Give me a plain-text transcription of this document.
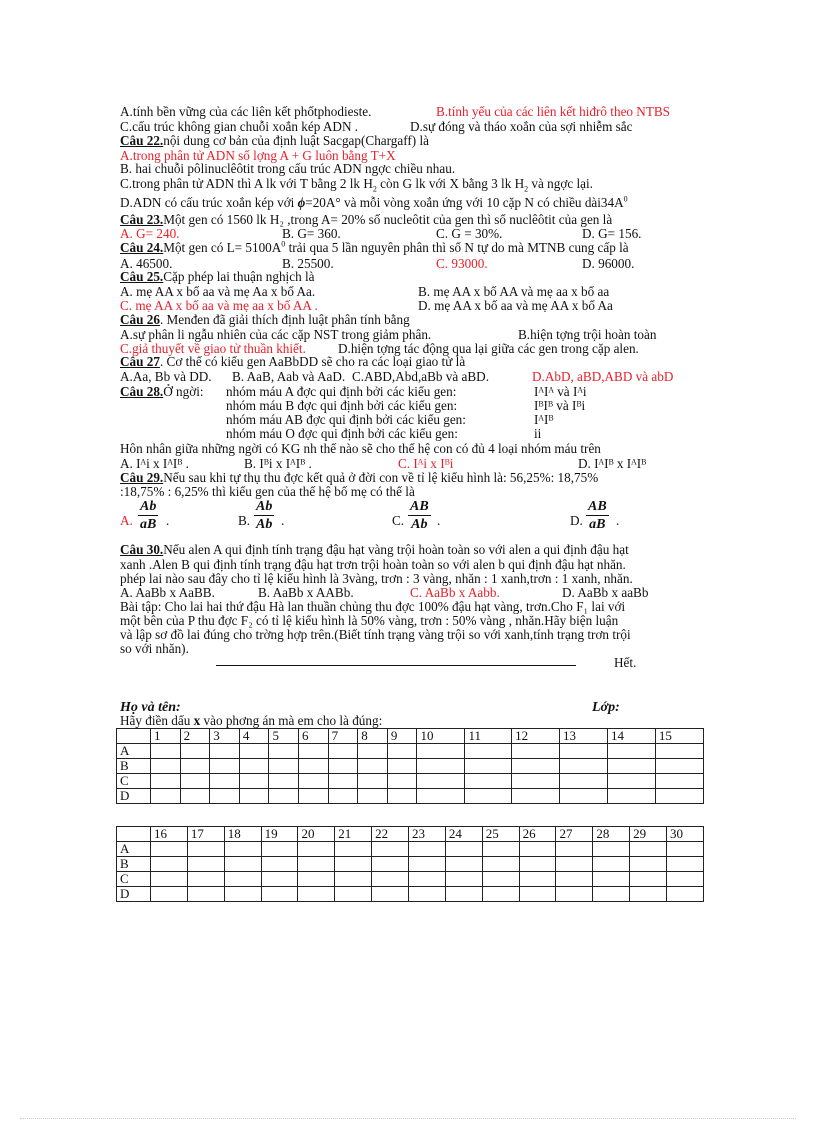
A.tính bền vững của các liên kết phốtphodieste.	B.tính yếu của các liên kết hiđrô theo NTBS
C.cấu trúc không gian chuỗi xoắn kép ADN .	D.sự đóng và tháo xoắn của sợi nhiễm sắc
Câu 22.nội dung cơ bản của định luật Sacgap(Chargaff) là
A.trong phân tử ADN số lợng A + G luôn bằng T+X
B. hai chuỗi pôlinuclêôtit trong cấu trúc ADN ngợc chiều nhau.
C.trong phân tử ADN thì A lk với T bằng 2 lk $H_2$ còn G lk với X bằng 3 lk $H_2$ và ngợc lại.
D.ADN có cấu trúc xoắn kép với ϕ=20A° và mỗi vòng xoắn ứng với 10 cặp N có chiều $dài34A^0$
Câu 23.Một gen có 1560 lk H₂ ,trong A= 20% số nucleôtit của gen thì số nuclêôtit của gen là
A. G= 240.	B. G= 360.	C. G = 30%.	D. G= 156.
Câu 24.Một gen có $L= 5100A^0$ trải qua 5 lần nguyên phân thì số N tự do mà MTNB cung cấp là
A. 46500.	B. 25500.	C. 93000.	D. 96000.
Câu 25.Cặp phép lai thuận nghịch là
A. mẹ AA x bố aa và mẹ Aa x bố Aa.	B. mẹ AA x bố AA và mẹ aa x bố aa
C. mẹ AA x bố aa và mẹ aa x bố AA .	D. mẹ AA x bố aa và mẹ AA x bố Aa
Câu 26. Menđen đã giải thích định luật phân tính bằng
A.sự phân li ngẫu nhiên của các cặp NST trong giảm phân.	B.hiện tợng trội hoàn toàn
C.giả thuyết về giao tử thuần khiết. D.hiện tợng tác động qua lại giữa các gen trong cặp alen.
Câu 27. Cơ thể có kiểu gen AaBbDD sẽ cho ra các loại giao tử là
A.Aa, Bb và DD. B. AaB, Aab và AaD. C.ABD,Abd,aBb và aBD.	D.AbD, aBD,ABD và abD
Câu 28.Ở ngời: nhóm máu A đợc qui định bởi các kiểu gen:	IᴬIᴬ và Iᴬi
nhóm máu B đợc qui định bởi các kiểu gen:	IᴮIᴮ và Iᴮi
nhóm máu AB đợc qui định bởi các kiểu gen:	IᴬIᴮ
nhóm máu O đợc qui định bởi các kiểu gen:	ii
Hôn nhân giữa những ngời có KG nh thế nào sẽ cho thế hệ con có đủ 4 loại nhóm máu trên
A. Iᴬi x IᴬIᴮ .	B. Iᴮi x IᴬIᴮ .	C. Iᴬi x Iᴮi	D. IᴬIᴮ x IᴬIᴮ
Câu 29.Nếu sau khi tự thụ thu đợc kết quả ở đời con về tỉ lệ kiểu hình là: 56,25%: 18,75%
:18,75% : 6,25% thì kiểu gen của thế hệ bố mẹ có thể là
A. $\frac{Ab}{aB}$ .	B. $\frac{Ab}{Ab}$ .	C. $\frac{AB}{Ab}$ .	D. $\frac{AB}{aB}$ .
Câu 30.Nếu alen A qui định tính trạng đậu hạt vàng trội hoàn toàn so với alen a qui định đậu hạt
xanh .Alen B qui định tính trạng đậu hạt trơn trội hoàn toàn so với alen b qui định đậu hạt nhăn.
phép lai nào sau đây cho tỉ lệ kiểu hình là 3vàng, trơn : 3 vàng, nhăn : 1 xanh,trơn : 1 xanh, nhăn.
A. AaBb x AaBB.	B. AaBb x AABb.	C. AaBb x Aabb.	D. AaBb x aaBb
Bài tập: Cho lai hai thứ đậu Hà lan thuần chủng thu đợc 100% đậu hạt vàng, trơn.Cho F₁ lai với
một bên của P thu đợc F₂ có tỉ lệ kiểu hình là 50% vàng, trơn : 50% vàng , nhăn.Hãy biện luận
và lập sơ đồ lai đúng cho trờng hợp trên.(Biết tính trạng vàng trội so với xanh,tính trạng trơn trội
so với nhăn).
Hết.
Họ và tên:	Lớp:
Hãy điền dấu x vào phơng án mà em cho là đúng:
	1	2	3	4	5	6	7	8	9	10	11	12	13	14	15
A															
B															
C															
D															
	16	17	18	19	20	21	22	23	24	25	26	27	28	29	30
A															
B															
C															
D															
